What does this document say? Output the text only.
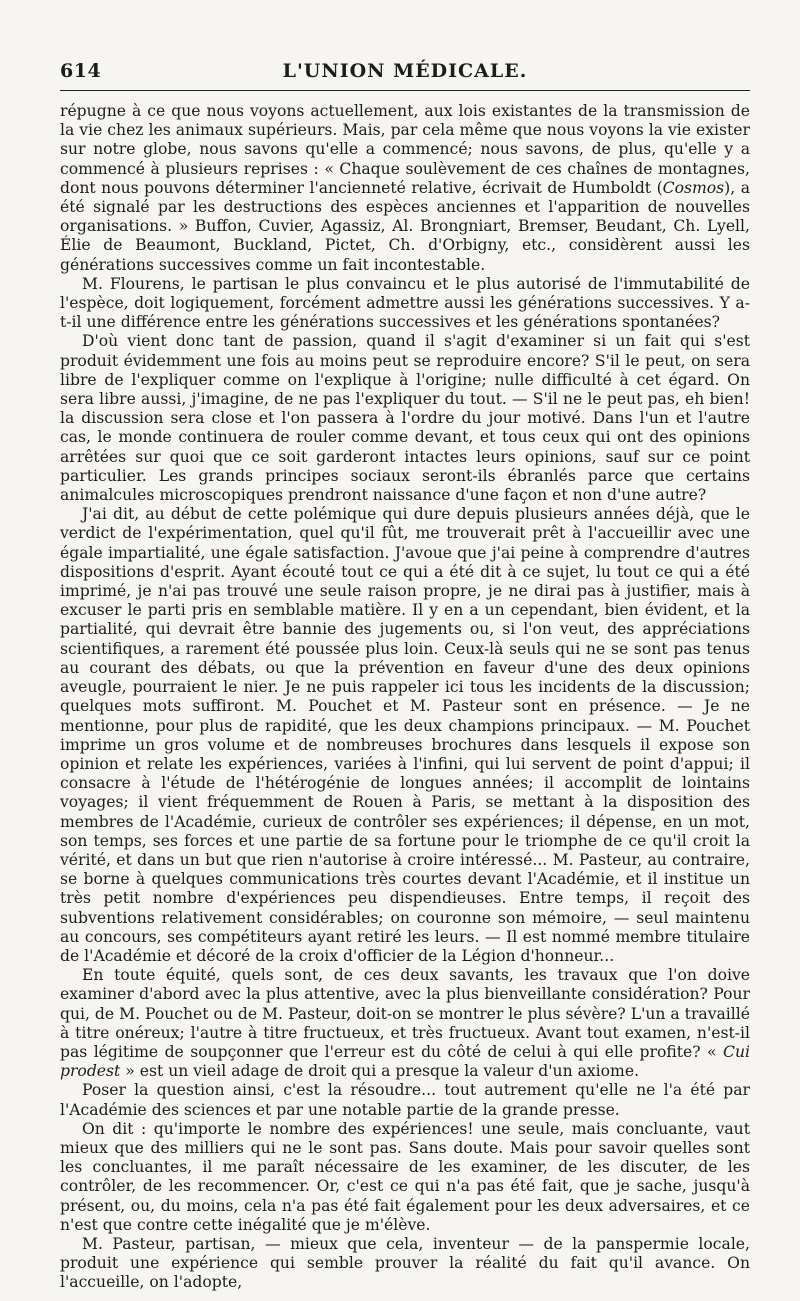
614	L'UNION MÉDICALE.

répugne à ce que nous voyons actuellement, aux lois existantes de la transmission de la vie chez les animaux supérieurs. Mais, par cela même que nous voyons la vie exister sur notre globe, nous savons qu'elle a commencé; nous savons, de plus, qu'elle y a commencé à plusieurs reprises : « Chaque soulèvement de ces chaînes de montagnes, dont nous pouvons déterminer l'ancienneté relative, écrivait de Humboldt (Cosmos), a été signalé par les destructions des espèces anciennes et l'apparition de nouvelles organisations. » Buffon, Cuvier, Agassiz, Al. Brongniart, Bremser, Beudant, Ch. Lyell, Élie de Beaumont, Buckland, Pictet, Ch. d'Orbigny, etc., considèrent aussi les générations successives comme un fait incontestable.

M. Flourens, le partisan le plus convaincu et le plus autorisé de l'immutabilité de l'espèce, doit logiquement, forcément admettre aussi les générations successives. Y a-t-il une différence entre les générations successives et les générations spontanées?

D'où vient donc tant de passion, quand il s'agit d'examiner si un fait qui s'est produit évidemment une fois au moins peut se reproduire encore? S'il le peut, on sera libre de l'expliquer comme on l'explique à l'origine; nulle difficulté à cet égard. On sera libre aussi, j'imagine, de ne pas l'expliquer du tout. — S'il ne le peut pas, eh bien! la discussion sera close et l'on passera à l'ordre du jour motivé. Dans l'un et l'autre cas, le monde continuera de rouler comme devant, et tous ceux qui ont des opinions arrêtées sur quoi que ce soit garderont intactes leurs opinions, sauf sur ce point particulier. Les grands principes sociaux seront-ils ébranlés parce que certains animalcules microscopiques prendront naissance d'une façon et non d'une autre?

J'ai dit, au début de cette polémique qui dure depuis plusieurs années déjà, que le verdict de l'expérimentation, quel qu'il fût, me trouverait prêt à l'accueillir avec une égale impartialité, une égale satisfaction. J'avoue que j'ai peine à comprendre d'autres dispositions d'esprit. Ayant écouté tout ce qui a été dit à ce sujet, lu tout ce qui a été imprimé, je n'ai pas trouvé une seule raison propre, je ne dirai pas à justifier, mais à excuser le parti pris en semblable matière. Il y en a un cependant, bien évident, et la partialité, qui devrait être bannie des jugements ou, si l'on veut, des appréciations scientifiques, a rarement été poussée plus loin. Ceux-là seuls qui ne se sont pas tenus au courant des débats, ou que la prévention en faveur d'une des deux opinions aveugle, pourraient le nier. Je ne puis rappeler ici tous les incidents de la discussion; quelques mots suffiront. M. Pouchet et M. Pasteur sont en présence. — Je ne mentionne, pour plus de rapidité, que les deux champions principaux. — M. Pouchet imprime un gros volume et de nombreuses brochures dans lesquels il expose son opinion et relate les expériences, variées à l'infini, qui lui servent de point d'appui; il consacre à l'étude de l'hétérogénie de longues années; il accomplit de lointains voyages; il vient fréquemment de Rouen à Paris, se mettant à la disposition des membres de l'Académie, curieux de contrôler ses expériences; il dépense, en un mot, son temps, ses forces et une partie de sa fortune pour le triomphe de ce qu'il croit la vérité, et dans un but que rien n'autorise à croire intéressé... M. Pasteur, au contraire, se borne à quelques communications très courtes devant l'Académie, et il institue un très petit nombre d'expériences peu dispendieuses. Entre temps, il reçoit des subventions relativement considérables; on couronne son mémoire, — seul maintenu au concours, ses compétiteurs ayant retiré les leurs. — Il est nommé membre titulaire de l'Académie et décoré de la croix d'officier de la Légion d'honneur...

En toute équité, quels sont, de ces deux savants, les travaux que l'on doive examiner d'abord avec la plus attentive, avec la plus bienveillante considération? Pour qui, de M. Pouchet ou de M. Pasteur, doit-on se montrer le plus sévère? L'un a travaillé à titre onéreux; l'autre à titre fructueux, et très fructueux. Avant tout examen, n'est-il pas légitime de soupçonner que l'erreur est du côté de celui à qui elle profite? « Cui prodest » est un vieil adage de droit qui a presque la valeur d'un axiome.

Poser la question ainsi, c'est la résoudre... tout autrement qu'elle ne l'a été par l'Académie des sciences et par une notable partie de la grande presse.

On dit : qu'importe le nombre des expériences! une seule, mais concluante, vaut mieux que des milliers qui ne le sont pas. Sans doute. Mais pour savoir quelles sont les concluantes, il me paraît nécessaire de les examiner, de les discuter, de les contrôler, de les recommencer. Or, c'est ce qui n'a pas été fait, que je sache, jusqu'à présent, ou, du moins, cela n'a pas été fait également pour les deux adversaires, et ce n'est que contre cette inégalité que je m'élève.

M. Pasteur, partisan, — mieux que cela, inventeur — de la panspermie locale, produit une expérience qui semble prouver la réalité du fait qu'il avance. On l'accueille, on l'adopte,
